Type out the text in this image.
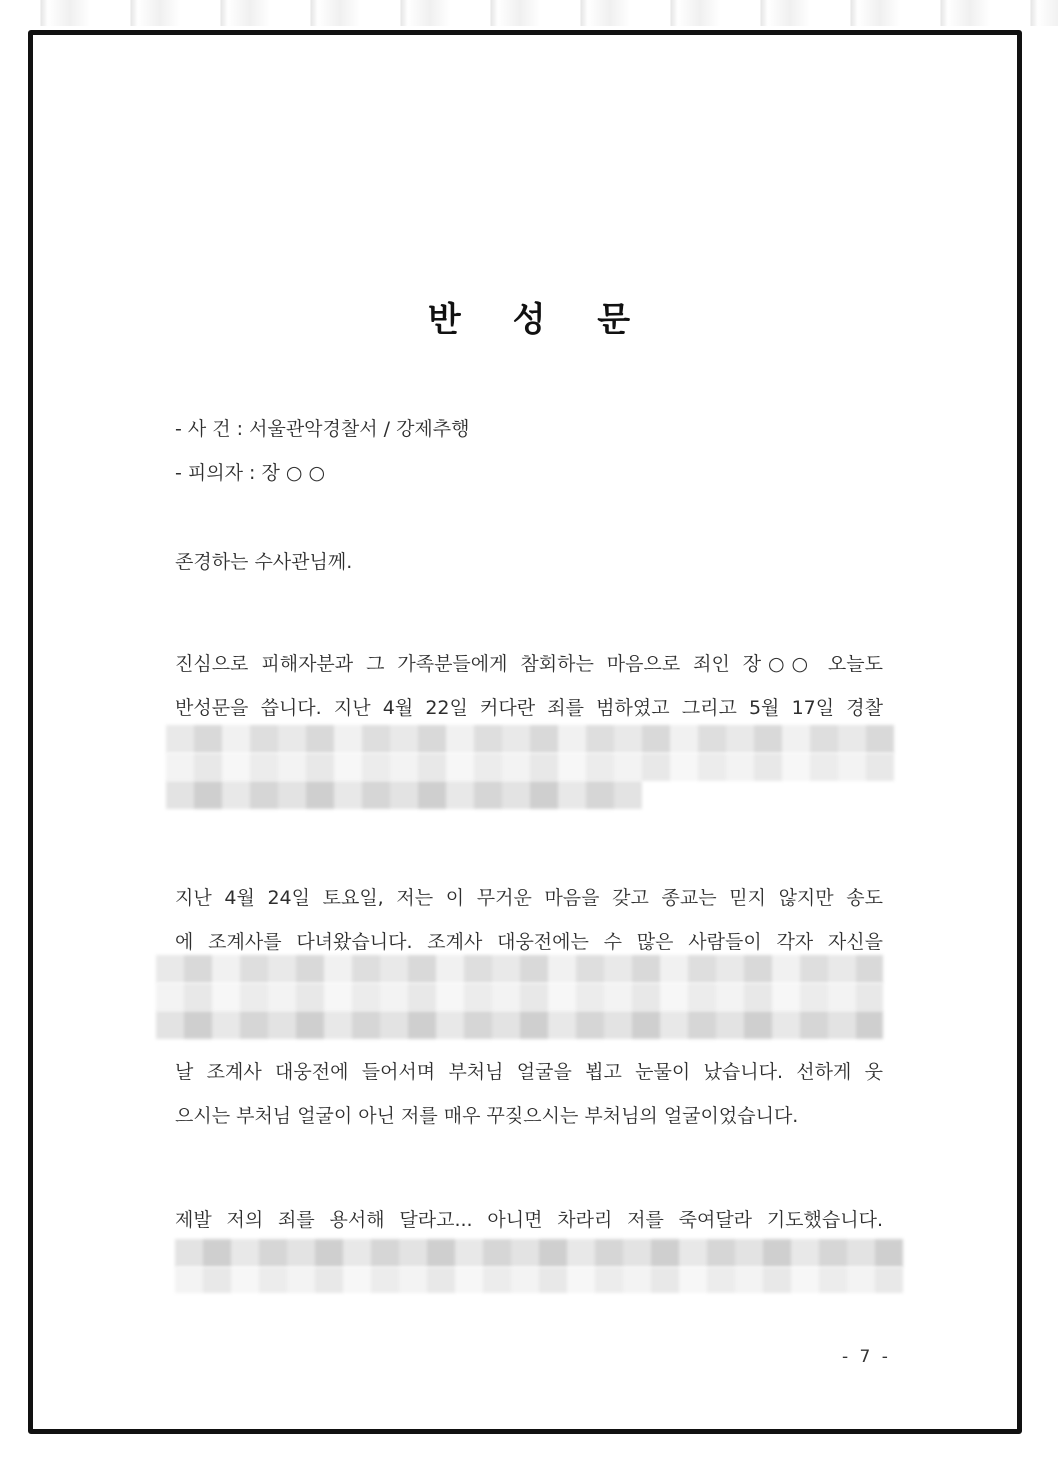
반 성 문
- 사 건 : 서울관악경찰서 / 강제추행
- 피의자 : 장 ○ ○
존경하는 수사관님께.
진심으로 피해자분과 그 가족분들에게 참회하는 마음으로 죄인 장○○ 오늘도
반성문을 씁니다. 지난 4월 22일 커다란 죄를 범하였고 그리고 5월 17일 경찰
지난 4월 24일 토요일, 저는 이 무거운 마음을 갖고 종교는 믿지 않지만 송도
에 조계사를 다녀왔습니다. 조계사 대웅전에는 수 많은 사람들이 각자 자신을
날 조계사 대웅전에 들어서며 부처님 얼굴을 뵙고 눈물이 났습니다. 선하게 웃
으시는 부처님 얼굴이 아닌 저를 매우 꾸짖으시는 부처님의 얼굴이었습니다.
제발 저의 죄를 용서해 달라고... 아니면 차라리 저를 죽여달라 기도했습니다.
- 7 -
